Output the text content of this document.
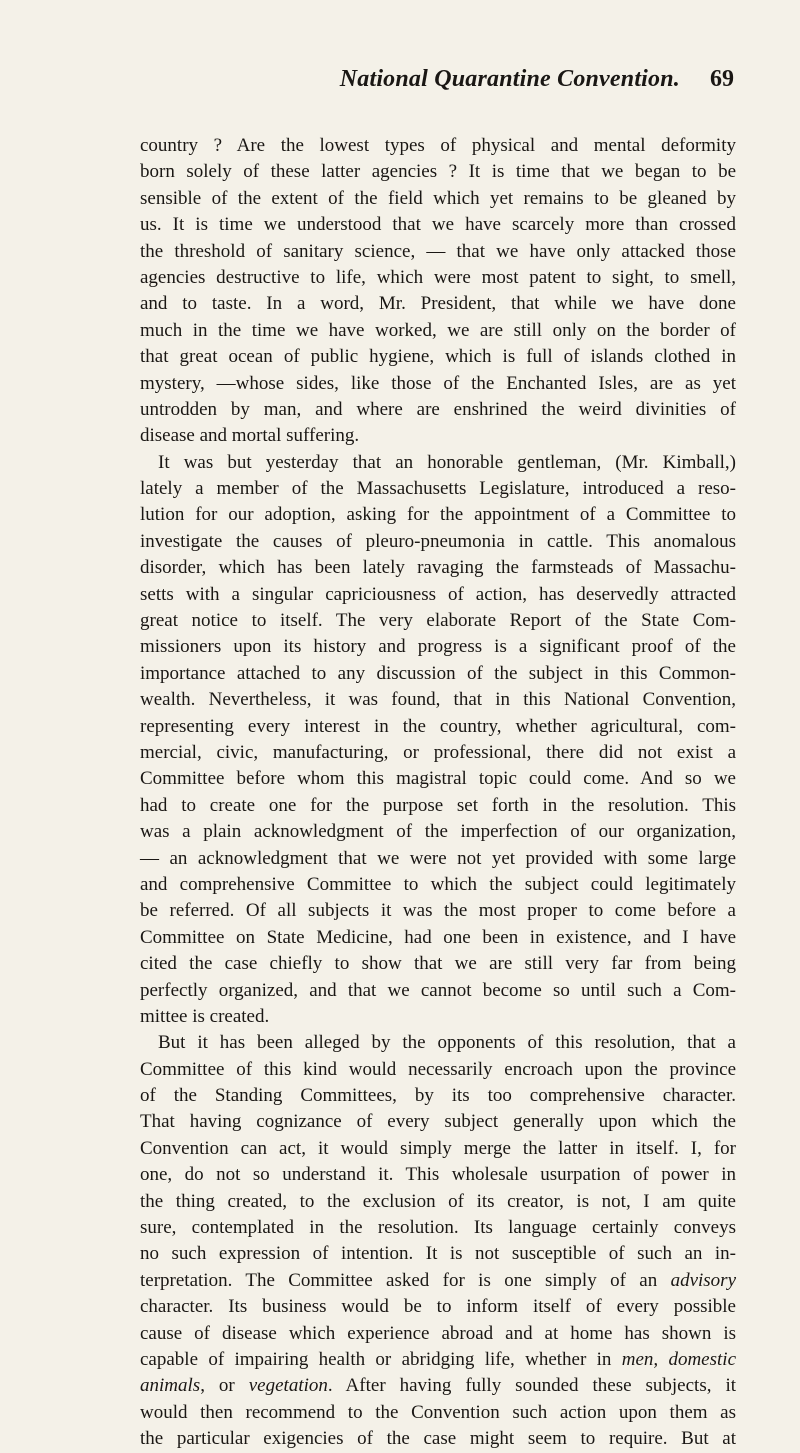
National Quarantine Convention. 69
country ? Are the lowest types of physical and mental deformity
born solely of these latter agencies ? It is time that we began to be
sensible of the extent of the field which yet remains to be gleaned by
us. It is time we understood that we have scarcely more than crossed
the threshold of sanitary science, — that we have only attacked those
agencies destructive to life, which were most patent to sight, to smell,
and to taste. In a word, Mr. President, that while we have done
much in the time we have worked, we are still only on the border of
that great ocean of public hygiene, which is full of islands clothed in
mystery, —whose sides, like those of the Enchanted Isles, are as yet
untrodden by man, and where are enshrined the weird divinities of
disease and mortal suffering.
It was but yesterday that an honorable gentleman, (Mr. Kimball,)
lately a member of the Massachusetts Legislature, introduced a reso-
lution for our adoption, asking for the appointment of a Committee to
investigate the causes of pleuro-pneumonia in cattle. This anomalous
disorder, which has been lately ravaging the farmsteads of Massachu-
setts with a singular capriciousness of action, has deservedly attracted
great notice to itself. The very elaborate Report of the State Com-
missioners upon its history and progress is a significant proof of the
importance attached to any discussion of the subject in this Common-
wealth. Nevertheless, it was found, that in this National Convention,
representing every interest in the country, whether agricultural, com-
mercial, civic, manufacturing, or professional, there did not exist a
Committee before whom this magistral topic could come. And so we
had to create one for the purpose set forth in the resolution. This
was a plain acknowledgment of the imperfection of our organization,
— an acknowledgment that we were not yet provided with some large
and comprehensive Committee to which the subject could legitimately
be referred. Of all subjects it was the most proper to come before a
Committee on State Medicine, had one been in existence, and I have
cited the case chiefly to show that we are still very far from being
perfectly organized, and that we cannot become so until such a Com-
mittee is created.
But it has been alleged by the opponents of this resolution, that a
Committee of this kind would necessarily encroach upon the province
of the Standing Committees, by its too comprehensive character.
That having cognizance of every subject generally upon which the
Convention can act, it would simply merge the latter in itself. I, for
one, do not so understand it. This wholesale usurpation of power in
the thing created, to the exclusion of its creator, is not, I am quite
sure, contemplated in the resolution. Its language certainly conveys
no such expression of intention. It is not susceptible of such an in-
terpretation. The Committee asked for is one simply of an advisory
character. Its business would be to inform itself of every possible
cause of disease which experience abroad and at home has shown is
capable of impairing health or abridging life, whether in men, domestic
animals, or vegetation. After having fully sounded these subjects, it
would then recommend to the Convention such action upon them as
the particular exigencies of the case might seem to require. But at
